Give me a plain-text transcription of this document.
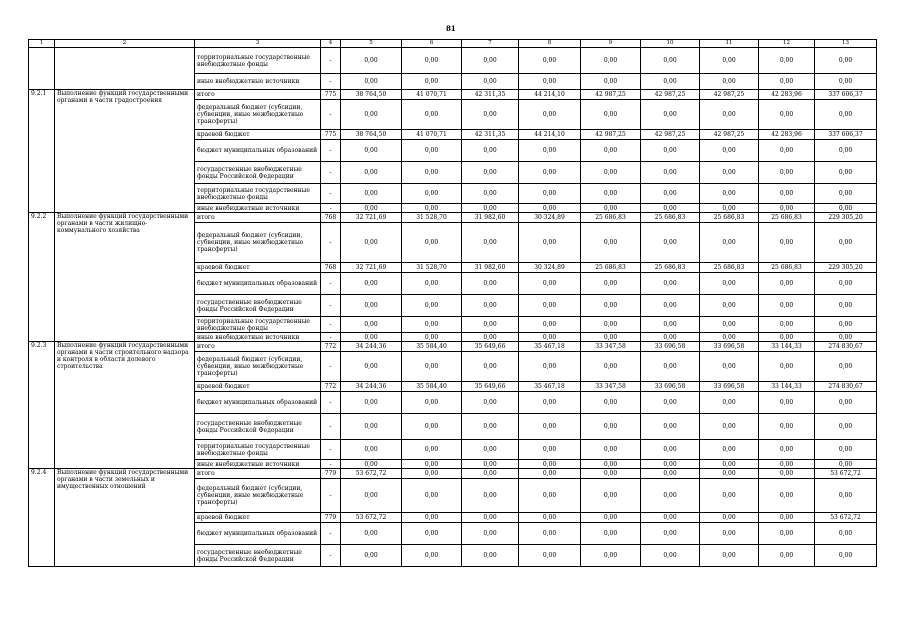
81
1	2	3	4	5	6	7	8	9	10	11	12	13
		территориальные государственные внебюджетные фонды	-	0,00	0,00	0,00	0,00	0,00	0,00	0,00	0,00	0,00
		иные внебюджетные источники	-	0,00	0,00	0,00	0,00	0,00	0,00	0,00	0,00	0,00
9.2.1	Выполнение функций государственными органами в части градостроения	итого	775	38 764,50	41 070,71	42 311,35	44 214,10	42 987,25	42 987,25	42 987,25	42 283,96	337 606,37
		федеральный бюджет (субсидии, субвенции, иные межбюджетные трансферты)	-	0,00	0,00	0,00	0,00	0,00	0,00	0,00	0,00	0,00
		краевой бюджет	775	38 764,50	41 070,71	42 311,35	44 214,10	42 987,25	42 987,25	42 987,25	42 283,96	337 606,37
		бюджет муниципальных образований	-	0,00	0,00	0,00	0,00	0,00	0,00	0,00	0,00	0,00
		государственные внебюджетные фонды Российской Федерации	-	0,00	0,00	0,00	0,00	0,00	0,00	0,00	0,00	0,00
		территориальные государственные внебюджетные фонды	-	0,00	0,00	0,00	0,00	0,00	0,00	0,00	0,00	0,00
		иные внебюджетные источники	-	0,00	0,00	0,00	0,00	0,00	0,00	0,00	0,00	0,00
9.2.2	Выполнение функций государственными органами в части жилищно-коммунального хозяйства	итого	768	32 721,69	31 528,70	31 982,60	30 324,89	25 686,83	25 686,83	25 686,83	25 686,83	229 305,20
		федеральный бюджет (субсидии, субвенции, иные межбюджетные трансферты)	-	0,00	0,00	0,00	0,00	0,00	0,00	0,00	0,00	0,00
		краевой бюджет	768	32 721,69	31 528,70	31 982,60	30 324,89	25 686,83	25 686,83	25 686,83	25 686,83	229 305,20
		бюджет муниципальных образований	-	0,00	0,00	0,00	0,00	0,00	0,00	0,00	0,00	0,00
		государственные внебюджетные фонды Российской Федерации	-	0,00	0,00	0,00	0,00	0,00	0,00	0,00	0,00	0,00
		территориальные государственные внебюджетные фонды	-	0,00	0,00	0,00	0,00	0,00	0,00	0,00	0,00	0,00
		иные внебюджетные источники	-	0,00	0,00	0,00	0,00	0,00	0,00	0,00	0,00	0,00
9.2.3	Выполнение функций государственными органами в части строительного надзора и контроля в области долевого строительства	итого	772	34 244,36	35 584,40	35 649,66	35 467,18	33 347,58	33 696,58	33 696,58	33 144,33	274 830,67
		федеральный бюджет (субсидии, субвенции, иные межбюджетные трансферты)	-	0,00	0,00	0,00	0,00	0,00	0,00	0,00	0,00	0,00
		краевой бюджет	772	34 244,36	35 584,40	35 649,66	35 467,18	33 347,58	33 696,58	33 696,58	33 144,33	274 830,67
		бюджет муниципальных образований	-	0,00	0,00	0,00	0,00	0,00	0,00	0,00	0,00	0,00
		государственные внебюджетные фонды Российской Федерации	-	0,00	0,00	0,00	0,00	0,00	0,00	0,00	0,00	0,00
		территориальные государственные внебюджетные фонды	-	0,00	0,00	0,00	0,00	0,00	0,00	0,00	0,00	0,00
		иные внебюджетные источники	-	0,00	0,00	0,00	0,00	0,00	0,00	0,00	0,00	0,00
9.2.4	Выполнение функций государственными органами в части земельных и имущественных отношений	итого	779	53 672,72	0,00	0,00	0,00	0,00	0,00	0,00	0,00	53 672,72
		федеральный бюджет (субсидии, субвенции, иные межбюджетные трансферты)	-	0,00	0,00	0,00	0,00	0,00	0,00	0,00	0,00	0,00
		краевой бюджет	779	53 672,72	0,00	0,00	0,00	0,00	0,00	0,00	0,00	53 672,72
		бюджет муниципальных образований	-	0,00	0,00	0,00	0,00	0,00	0,00	0,00	0,00	0,00
		государственные внебюджетные фонды Российской Федерации	-	0,00	0,00	0,00	0,00	0,00	0,00	0,00	0,00	0,00
